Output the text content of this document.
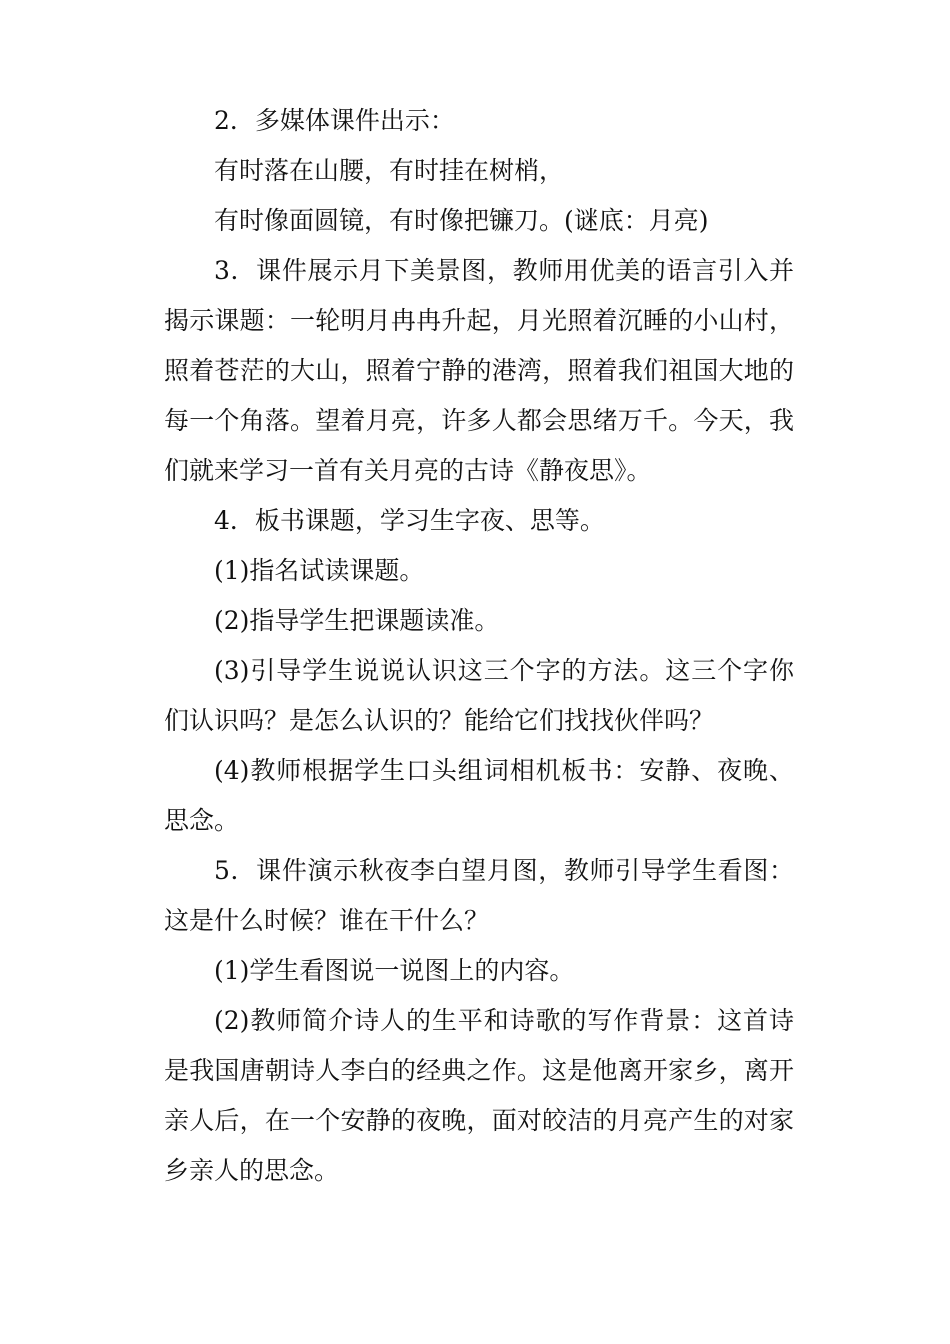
2．多媒体课件出示：

有时落在山腰，有时挂在树梢，

有时像面圆镜，有时像把镰刀。(谜底：月亮)

3．课件展示月下美景图，教师用优美的语言引入并揭示课题：一轮明月冉冉升起，月光照着沉睡的小山村，照着苍茫的大山，照着宁静的港湾，照着我们祖国大地的每一个角落。望着月亮，许多人都会思绪万千。今天，我们就来学习一首有关月亮的古诗《静夜思》。

4．板书课题，学习生字夜、思等。

(1)指名试读课题。

(2)指导学生把课题读准。

(3)引导学生说说认识这三个字的方法。这三个字你们认识吗？是怎么认识的？能给它们找找伙伴吗？

(4)教师根据学生口头组词相机板书：安静、夜晚、思念。

5．课件演示秋夜李白望月图，教师引导学生看图：这是什么时候？谁在干什么？

(1)学生看图说一说图上的内容。

(2)教师简介诗人的生平和诗歌的写作背景：这首诗是我国唐朝诗人李白的经典之作。这是他离开家乡，离开亲人后，在一个安静的夜晚，面对皎洁的月亮产生的对家乡亲人的思念。
